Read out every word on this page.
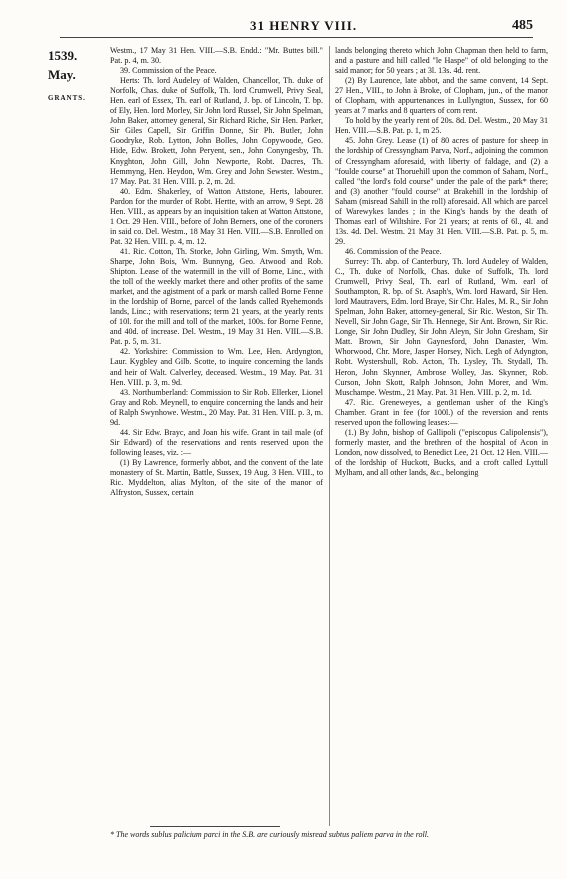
31 HENRY VIII.	485
1539.
May.
GRANTS.

Westm., 17 May 31 Hen. VIII.—S.B. Endd.: "Mr. Buttes bill." Pat. p. 4, m. 30.

39. Commission of the Peace.

Herts: Th. lord Audeley of Walden, Chancellor, Th. duke of Norfolk, Chas. duke of Suffolk, Th. lord Crumwell, Privy Seal, Hen. earl of Essex, Th. earl of Rutland, J. bp. of Lincoln, T. bp. of Ely, Hen. lord Morley, Sir John lord Russel, Sir John Spelman, John Baker, attorney general, Sir Richard Riche, Sir Hen. Parker, Sir Giles Capell, Sir Griffin Donne, Sir Ph. Butler, John Goodryke, Rob. Lytton, John Bolles, John Copywoode, Geo. Hide, Edw. Brokett, John Peryent, sen., John Conyngesby, Th. Knyghton, John Gill, John Newporte, Robt. Dacres, Th. Hemmyng, Hen. Heydon, Wm. Grey and John Sewster. Westm., 17 May. Pat. 31 Hen. VIII. p. 2, m. 2d.

40. Edm. Shakerley, of Watton Attstone, Herts, labourer. Pardon for the murder of Robt. Hertte, with an arrow, 9 Sept. 28 Hen. VIII., as appears by an inquisition taken at Watton Attstone, 1 Oct. 29 Hen. VIII., before of John Berners, one of the coroners in said co. Del. Westm., 18 May 31 Hen. VIII.—S.B. Enrolled on Pat. 32 Hen. VIII. p. 4, m. 12.

41. Ric. Cotton, Th. Storke, John Girling, Wm. Smyth, Wm. Sharpe, John Bois, Wm. Bunnyng, Geo. Atwood and Rob. Shipton. Lease of the watermill in the vill of Borne, Linc., with the toll of the weekly market there and other profits of the same market, and the agistment of a park or marsh called Borne Fenne in the lordship of Borne, parcel of the lands called Ryehemonds lands, Linc.; with reservations; term 21 years, at the yearly rents of 10l. for the mill and toll of the market, 100s. for Borne Fenne, and 40d. of increase. Del. Westm., 19 May 31 Hen. VIII.—S.B. Pat. p. 5, m. 31.

42. Yorkshire: Commission to Wm. Lee, Hen. Ardyngton, Laur. Kygbley and Gilb. Scotte, to inquire concerning the lands and heir of Walt. Calverley, deceased. Westm., 19 May. Pat. 31 Hen. VIII. p. 3, m. 9d.

43. Northumberland: Commission to Sir Rob. Ellerker, Lionel Gray and Rob. Meynell, to enquire concerning the lands and heir of Ralph Swynhowe. Westm., 20 May. Pat. 31 Hen. VIII. p. 3, m. 9d.

44. Sir Edw. Brayc, and Joan his wife. Grant in tail male (of Sir Edward) of the reservations and rents reserved upon the following leases, viz. :—

(1) By Lawrence, formerly abbot, and the convent of the late monastery of St. Martin, Battle, Sussex, 19 Aug. 3 Hen. VIII., to Ric. Myddelton, alias Mylton, of the site of the manor of Alfryston, Sussex, certain

lands belonging thereto which John Chapman then held to farm, and a pasture and hill called "le Haspe" of old belonging to the said manor; for 50 years ; at 3l. 13s. 4d. rent.

(2) By Laurence, late abbot, and the same convent, 14 Sept. 27 Hen., VIII., to John à Broke, of Clopham, jun., of the manor of Clopham, with appurtenances in Lullyngton, Sussex, for 60 years at 7 marks and 8 quarters of corn rent.

To hold by the yearly rent of 20s. 8d. Del. Westm., 20 May 31 Hen. VIII.—S.B. Pat. p. 1, m 25.

45. John Grey. Lease (1) of 80 acres of pasture for sheep in the lordship of Cressyngham Parva, Norf., adjoining the common of Cressyngham aforesaid, with liberty of faldage, and (2) a "foulde course" at Thoruehill upon the common of Saham, Norf., called "the lord's fold course" under the pale of the park* there; and (3) another "fould course" at Brakehill in the lordship of Saham (misread Sahill in the roll) aforesaid. All which are parcel of Warewykes landes ; in the King's hands by the death of Thomas earl of Wiltshire. For 21 years; at rents of 6l., 4l. and 13s. 4d. Del. Westm. 21 May 31 Hen. VIII.—S.B. Pat. p. 5, m. 29.

46. Commission of the Peace.

Surrey: Th. abp. of Canterbury, Th. lord Audeley of Walden, C., Th. duke of Norfolk, Chas. duke of Suffolk, Th. lord Crumwell, Privy Seal, Th. earl of Rutland, Wm. earl of Southampton, R. bp. of St. Asaph's, Wm. lord Haward, Sir Hen. lord Mautravers, Edm. lord Braye, Sir Chr. Hales, M. R., Sir John Spelman, John Baker, attorney-general, Sir Ric. Weston, Sir Th. Nevell, Sir John Gage, Sir Th. Hennege, Sir Ant. Brown, Sir Ric. Longe, Sir John Dudley, Sir John Aleyn, Sir John Gresham, Sir Matt. Brown, Sir John Gaynesford, John Danaster, Wm. Whorwood, Chr. More, Jasper Horsey, Nich. Legh of Adyngton, Robt. Wystershull, Rob. Acton, Th. Lysley, Th. Stydall, Th. Heron, John Skynner, Ambrose Wolley, Jas. Skynner, Rob. Curson, John Skott, Ralph Johnson, John Morer, and Wm. Muschampe. Westm., 21 May. Pat. 31 Hen. VIII. p. 2, m. 1d.

47. Ric. Greneweyes, a gentleman usher of the King's Chamber. Grant in fee (for 100l.) of the reversion and rents reserved upon the following leases:—

(1.) By John, bishop of Gallipoli ("episcopus Calipolensis"), formerly master, and the brethren of the hospital of Acon in London, now dissolved, to Benedict Lee, 21 Oct. 12 Hen. VIII.—of the lordship of Huckott, Bucks, and a croft called Lyttull Mylham, and all other lands, &c., belonging

* The words sublus palicium parci in the S.B. are curiously misread subtus paliem parva in the roll.
